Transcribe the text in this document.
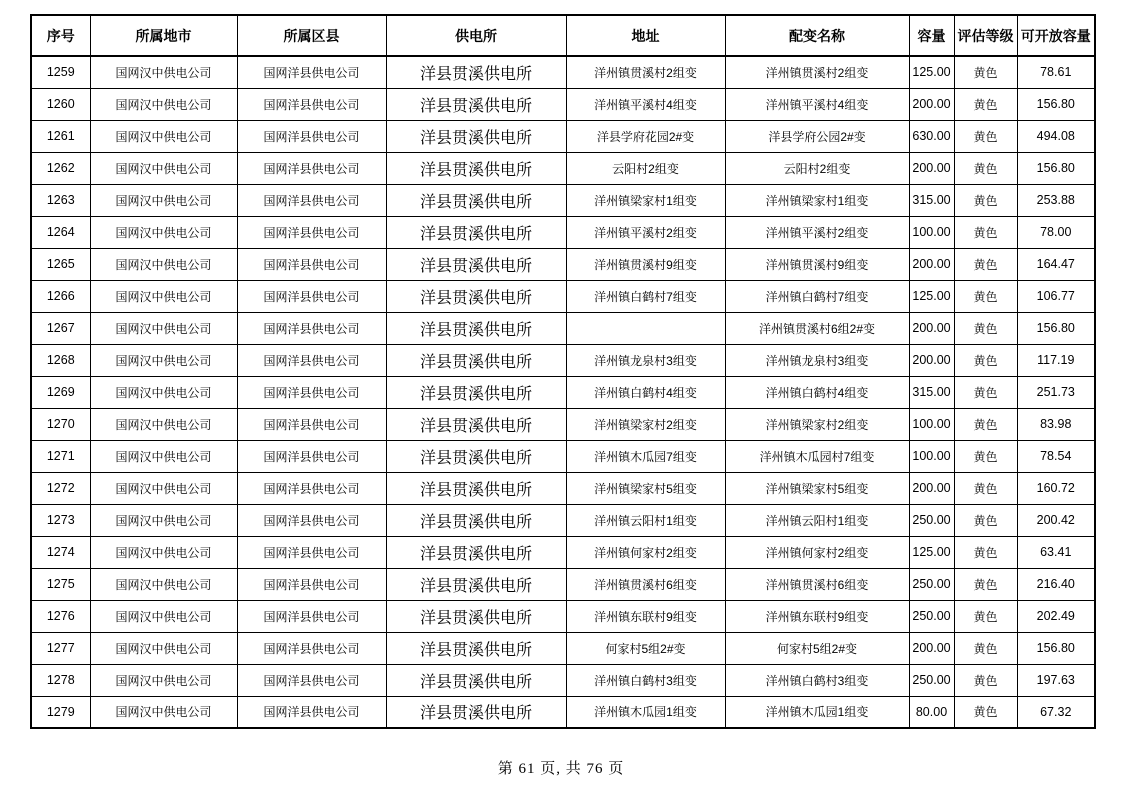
序号	所属地市	所属区县	供电所	地址	配变名称	容量	评估等级	可开放容量
1259	国网汉中供电公司	国网洋县供电公司	洋县贯溪供电所	洋州镇贯溪村2组变	洋州镇贯溪村2组变	125.00	黄色	78.61
1260	国网汉中供电公司	国网洋县供电公司	洋县贯溪供电所	洋州镇平溪村4组变	洋州镇平溪村4组变	200.00	黄色	156.80
1261	国网汉中供电公司	国网洋县供电公司	洋县贯溪供电所	洋县学府花园2#变	洋县学府公园2#变	630.00	黄色	494.08
1262	国网汉中供电公司	国网洋县供电公司	洋县贯溪供电所	云阳村2组变	云阳村2组变	200.00	黄色	156.80
1263	国网汉中供电公司	国网洋县供电公司	洋县贯溪供电所	洋州镇梁家村1组变	洋州镇梁家村1组变	315.00	黄色	253.88
1264	国网汉中供电公司	国网洋县供电公司	洋县贯溪供电所	洋州镇平溪村2组变	洋州镇平溪村2组变	100.00	黄色	78.00
1265	国网汉中供电公司	国网洋县供电公司	洋县贯溪供电所	洋州镇贯溪村9组变	洋州镇贯溪村9组变	200.00	黄色	164.47
1266	国网汉中供电公司	国网洋县供电公司	洋县贯溪供电所	洋州镇白鹤村7组变	洋州镇白鹤村7组变	125.00	黄色	106.77
1267	国网汉中供电公司	国网洋县供电公司	洋县贯溪供电所		洋州镇贯溪村6组2#变	200.00	黄色	156.80
1268	国网汉中供电公司	国网洋县供电公司	洋县贯溪供电所	洋州镇龙泉村3组变	洋州镇龙泉村3组变	200.00	黄色	117.19
1269	国网汉中供电公司	国网洋县供电公司	洋县贯溪供电所	洋州镇白鹤村4组变	洋州镇白鹤村4组变	315.00	黄色	251.73
1270	国网汉中供电公司	国网洋县供电公司	洋县贯溪供电所	洋州镇梁家村2组变	洋州镇梁家村2组变	100.00	黄色	83.98
1271	国网汉中供电公司	国网洋县供电公司	洋县贯溪供电所	洋州镇木瓜园7组变	洋州镇木瓜园村7组变	100.00	黄色	78.54
1272	国网汉中供电公司	国网洋县供电公司	洋县贯溪供电所	洋州镇梁家村5组变	洋州镇梁家村5组变	200.00	黄色	160.72
1273	国网汉中供电公司	国网洋县供电公司	洋县贯溪供电所	洋州镇云阳村1组变	洋州镇云阳村1组变	250.00	黄色	200.42
1274	国网汉中供电公司	国网洋县供电公司	洋县贯溪供电所	洋州镇何家村2组变	洋州镇何家村2组变	125.00	黄色	63.41
1275	国网汉中供电公司	国网洋县供电公司	洋县贯溪供电所	洋州镇贯溪村6组变	洋州镇贯溪村6组变	250.00	黄色	216.40
1276	国网汉中供电公司	国网洋县供电公司	洋县贯溪供电所	洋州镇东联村9组变	洋州镇东联村9组变	250.00	黄色	202.49
1277	国网汉中供电公司	国网洋县供电公司	洋县贯溪供电所	何家村5组2#变	何家村5组2#变	200.00	黄色	156.80
1278	国网汉中供电公司	国网洋县供电公司	洋县贯溪供电所	洋州镇白鹤村3组变	洋州镇白鹤村3组变	250.00	黄色	197.63
1279	国网汉中供电公司	国网洋县供电公司	洋县贯溪供电所	洋州镇木瓜园1组变	洋州镇木瓜园1组变	80.00	黄色	67.32
第 61 页, 共 76 页
